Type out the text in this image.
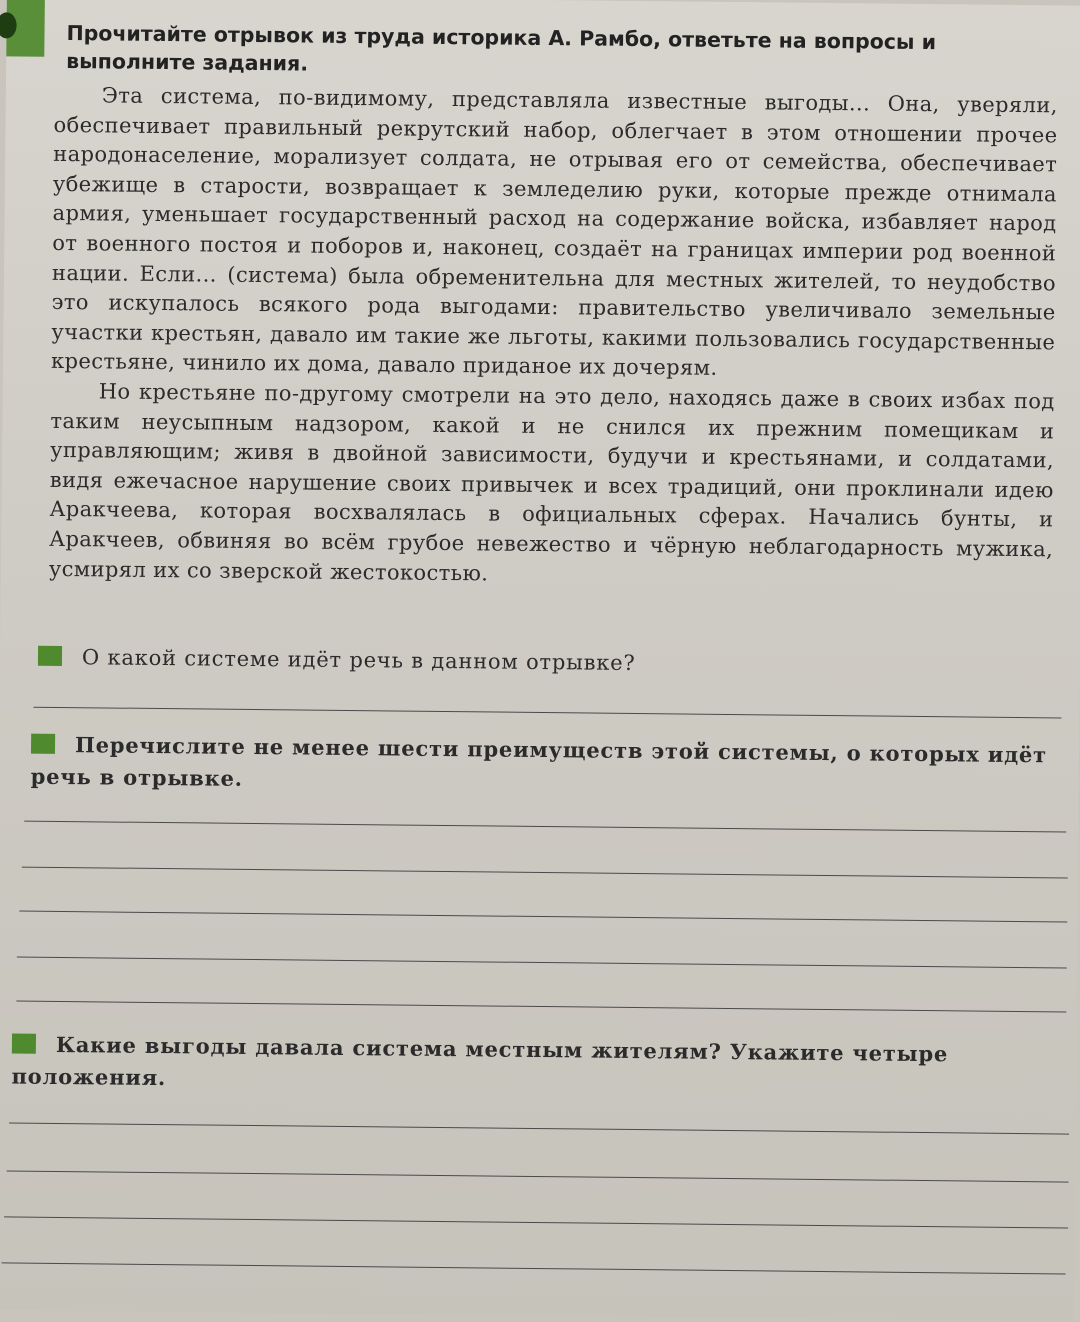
Прочитайте отрывок из труда историка А. Рамбо, ответьте на вопросы и выполните задания.

Эта система, по-видимому, представляла известные выгоды... Она, уверяли, обеспечивает правильный рекрутский набор, облегчает в этом отношении прочее народонаселение, морализует солдата, не отрывая его от семейства, обеспечивает убежище в старости, возвращает к земледелию руки, которые прежде отнимала армия, уменьшает государственный расход на содержание войска, избавляет народ от военного постоя и поборов и, наконец, создаёт на границах империи род военной нации. Если... (система) была обременительна для местных жителей, то неудобство это искупалось всякого рода выгодами: правительство увеличивало земельные участки крестьян, давало им такие же льготы, какими пользовались государственные крестьяне, чинило их дома, давало приданое их дочерям.

Но крестьяне по-другому смотрели на это дело, находясь даже в своих избах под таким неусыпным надзором, какой и не снился их прежним помещикам и управляющим; живя в двойной зависимости, будучи и крестьянами, и солдатами, видя ежечасное нарушение своих привычек и всех традиций, они проклинали идею Аракчеева, которая восхвалялась в официальных сферах. Начались бунты, и Аракчеев, обвиняя во всём грубое невежество и чёрную неблагодарность мужика, усмирял их со зверской жестокостью.

О какой системе идёт речь в данном отрывке?
Перечислите не менее шести преимуществ этой системы, о которых идёт речь в отрывке.
Какие выгоды давала система местным жителям? Укажите четыре положения.
